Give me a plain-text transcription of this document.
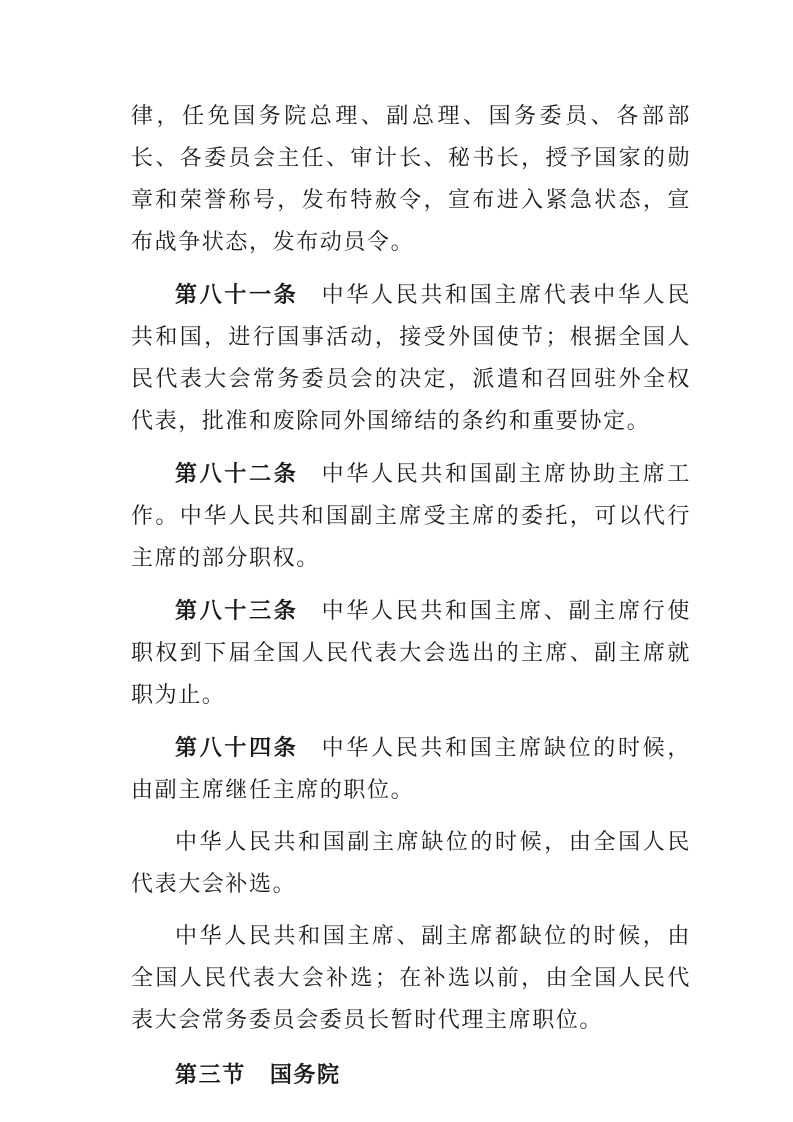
律，任免国务院总理、副总理、国务委员、各部部长、各委员会主任、审计长、秘书长，授予国家的勋章和荣誉称号，发布特赦令，宣布进入紧急状态，宣布战争状态，发布动员令。

第八十一条 中华人民共和国主席代表中华人民共和国，进行国事活动，接受外国使节；根据全国人民代表大会常务委员会的决定，派遣和召回驻外全权代表，批准和废除同外国缔结的条约和重要协定。

第八十二条 中华人民共和国副主席协助主席工作。中华人民共和国副主席受主席的委托，可以代行主席的部分职权。

第八十三条 中华人民共和国主席、副主席行使职权到下届全国人民代表大会选出的主席、副主席就职为止。

第八十四条 中华人民共和国主席缺位的时候，由副主席继任主席的职位。

中华人民共和国副主席缺位的时候，由全国人民代表大会补选。

中华人民共和国主席、副主席都缺位的时候，由全国人民代表大会补选；在补选以前，由全国人民代表大会常务委员会委员长暂时代理主席职位。

第三节 国务院
